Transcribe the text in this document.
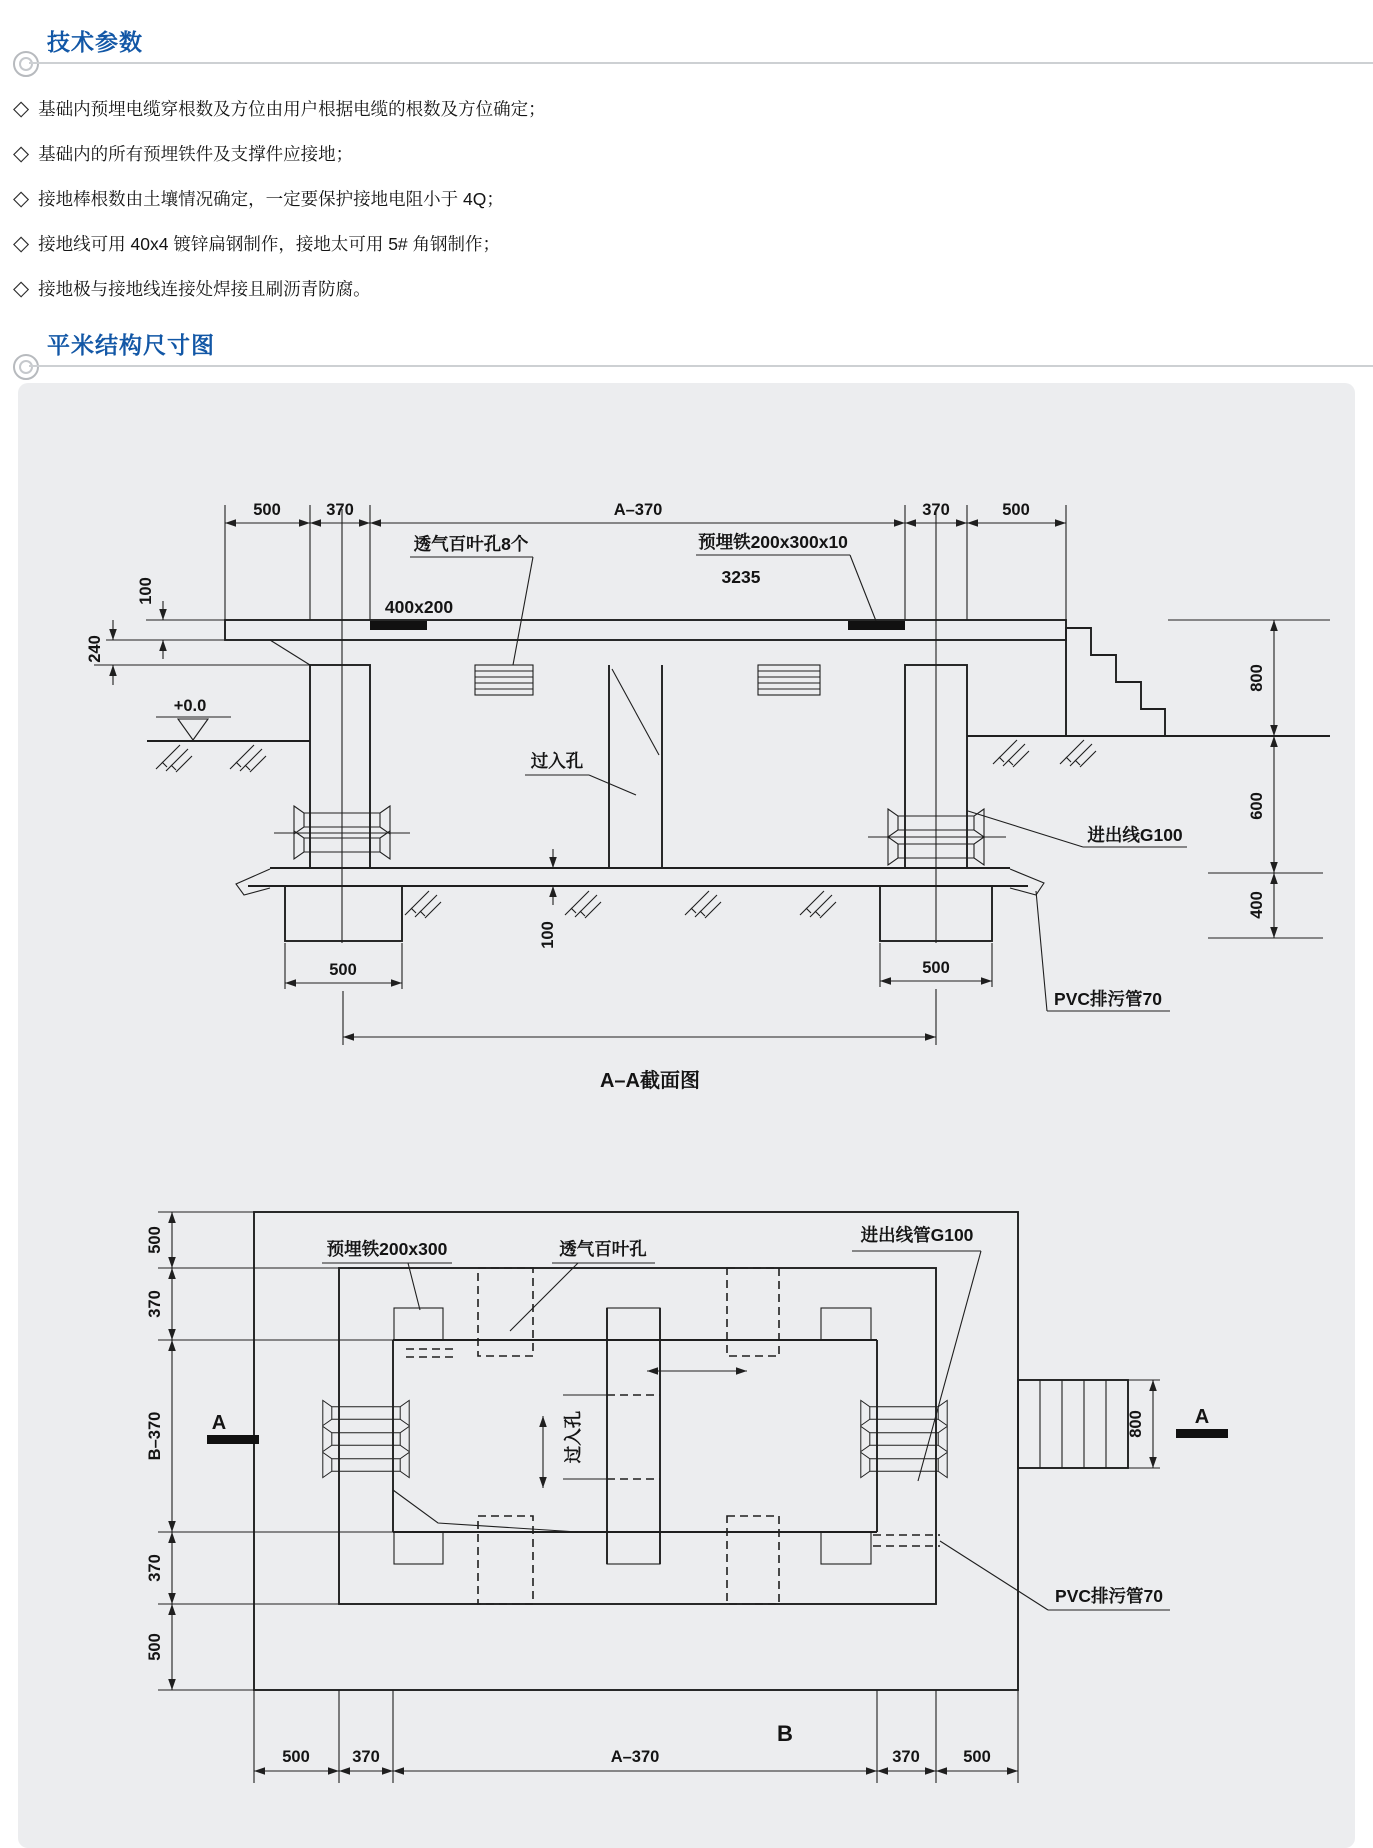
技术参数
◇ 基础内预埋电缆穿根数及方位由用户根据电缆的根数及方位确定；
◇ 基础内的所有预埋铁件及支撑件应接地；
◇ 接地棒根数由土壤情况确定，一定要保护接地电阻小于 4Q；
◇ 接地线可用 40x4 镀锌扁钢制作，接地太可用 5# 角钢制作；
◇ 接地极与接地线连接处焊接且刷沥青防腐。
平米结构尺寸图
500	370	A–370	370	500
100
240
+0.0
透气百叶孔8个	预埋铁200x300x10
3235
400x200
过入孔
进出线G100
100
500	500
PVC排污管70
800
600
400
A–A截面图
过入孔
PVC排污管70
800 A
A
预埋铁200x300	透气百叶孔
进出线管G100
500
370
B–370
370
500
500	370	A–370	370	500
B
